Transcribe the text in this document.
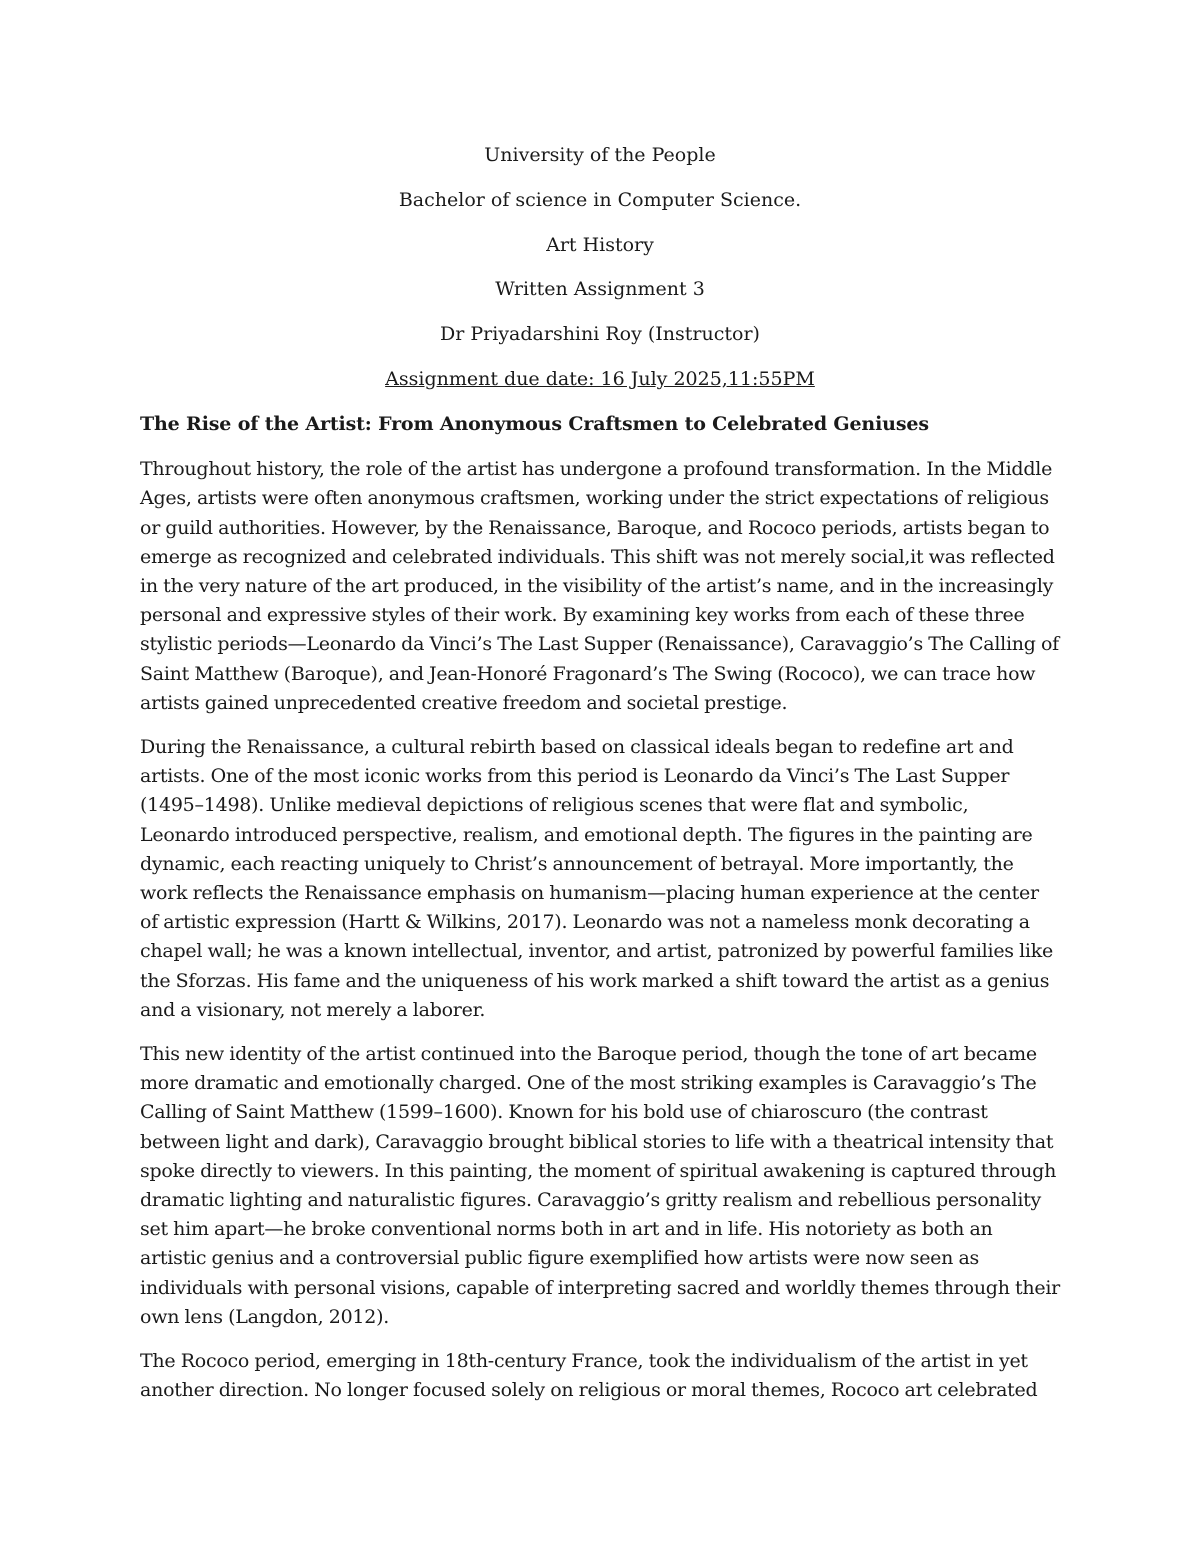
University of the People
Bachelor of science in Computer Science.
Art History
Written Assignment 3
Dr Priyadarshini Roy (Instructor)
Assignment due date: 16 July 2025,11:55PM
The Rise of the Artist: From Anonymous Craftsmen to Celebrated Geniuses

Throughout history, the role of the artist has undergone a profound transformation. In the Middle Ages, artists were often anonymous craftsmen, working under the strict expectations of religious or guild authorities. However, by the Renaissance, Baroque, and Rococo periods, artists began to emerge as recognized and celebrated individuals. This shift was not merely social,it was reflected in the very nature of the art produced, in the visibility of the artist’s name, and in the increasingly personal and expressive styles of their work. By examining key works from each of these three stylistic periods—Leonardo da Vinci’s The Last Supper (Renaissance), Caravaggio’s The Calling of Saint Matthew (Baroque), and Jean-Honoré Fragonard’s The Swing (Rococo), we can trace how artists gained unprecedented creative freedom and societal prestige.

During the Renaissance, a cultural rebirth based on classical ideals began to redefine art and artists. One of the most iconic works from this period is Leonardo da Vinci’s The Last Supper (1495–1498). Unlike medieval depictions of religious scenes that were flat and symbolic, Leonardo introduced perspective, realism, and emotional depth. The figures in the painting are dynamic, each reacting uniquely to Christ’s announcement of betrayal. More importantly, the work reflects the Renaissance emphasis on humanism—placing human experience at the center of artistic expression (Hartt & Wilkins, 2017). Leonardo was not a nameless monk decorating a chapel wall; he was a known intellectual, inventor, and artist, patronized by powerful families like the Sforzas. His fame and the uniqueness of his work marked a shift toward the artist as a genius and a visionary, not merely a laborer.

This new identity of the artist continued into the Baroque period, though the tone of art became more dramatic and emotionally charged. One of the most striking examples is Caravaggio’s The Calling of Saint Matthew (1599–1600). Known for his bold use of chiaroscuro (the contrast between light and dark), Caravaggio brought biblical stories to life with a theatrical intensity that spoke directly to viewers. In this painting, the moment of spiritual awakening is captured through dramatic lighting and naturalistic figures. Caravaggio’s gritty realism and rebellious personality set him apart—he broke conventional norms both in art and in life. His notoriety as both an artistic genius and a controversial public figure exemplified how artists were now seen as individuals with personal visions, capable of interpreting sacred and worldly themes through their own lens (Langdon, 2012).

The Rococo period, emerging in 18th-century France, took the individualism of the artist in yet another direction. No longer focused solely on religious or moral themes, Rococo art celebrated
